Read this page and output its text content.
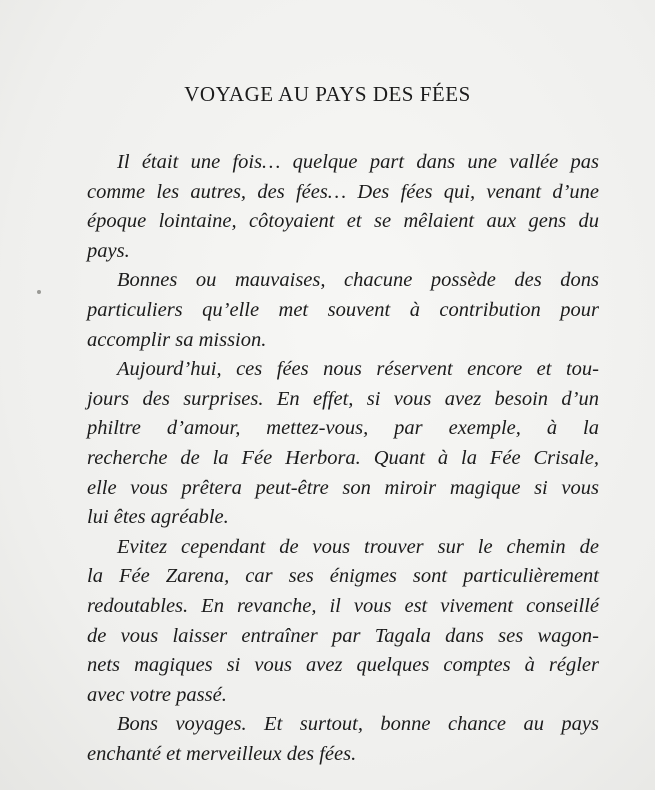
VOYAGE AU PAYS DES FÉES
Il était une fois… quelque part dans une vallée pas
comme les autres, des fées… Des fées qui, venant d’une
époque lointaine, côtoyaient et se mêlaient aux gens du
pays.
Bonnes ou mauvaises, chacune possède des dons
particuliers qu’elle met souvent à contribution pour
accomplir sa mission.
Aujourd’hui, ces fées nous réservent encore et tou-
jours des surprises. En effet, si vous avez besoin d’un
philtre d’amour, mettez-vous, par exemple, à la
recherche de la Fée Herbora. Quant à la Fée Crisale,
elle vous prêtera peut-être son miroir magique si vous
lui êtes agréable.
Evitez cependant de vous trouver sur le chemin de
la Fée Zarena, car ses énigmes sont particulièrement
redoutables. En revanche, il vous est vivement conseillé
de vous laisser entraîner par Tagala dans ses wagon-
nets magiques si vous avez quelques comptes à régler
avec votre passé.
Bons voyages. Et surtout, bonne chance au pays
enchanté et merveilleux des fées.
